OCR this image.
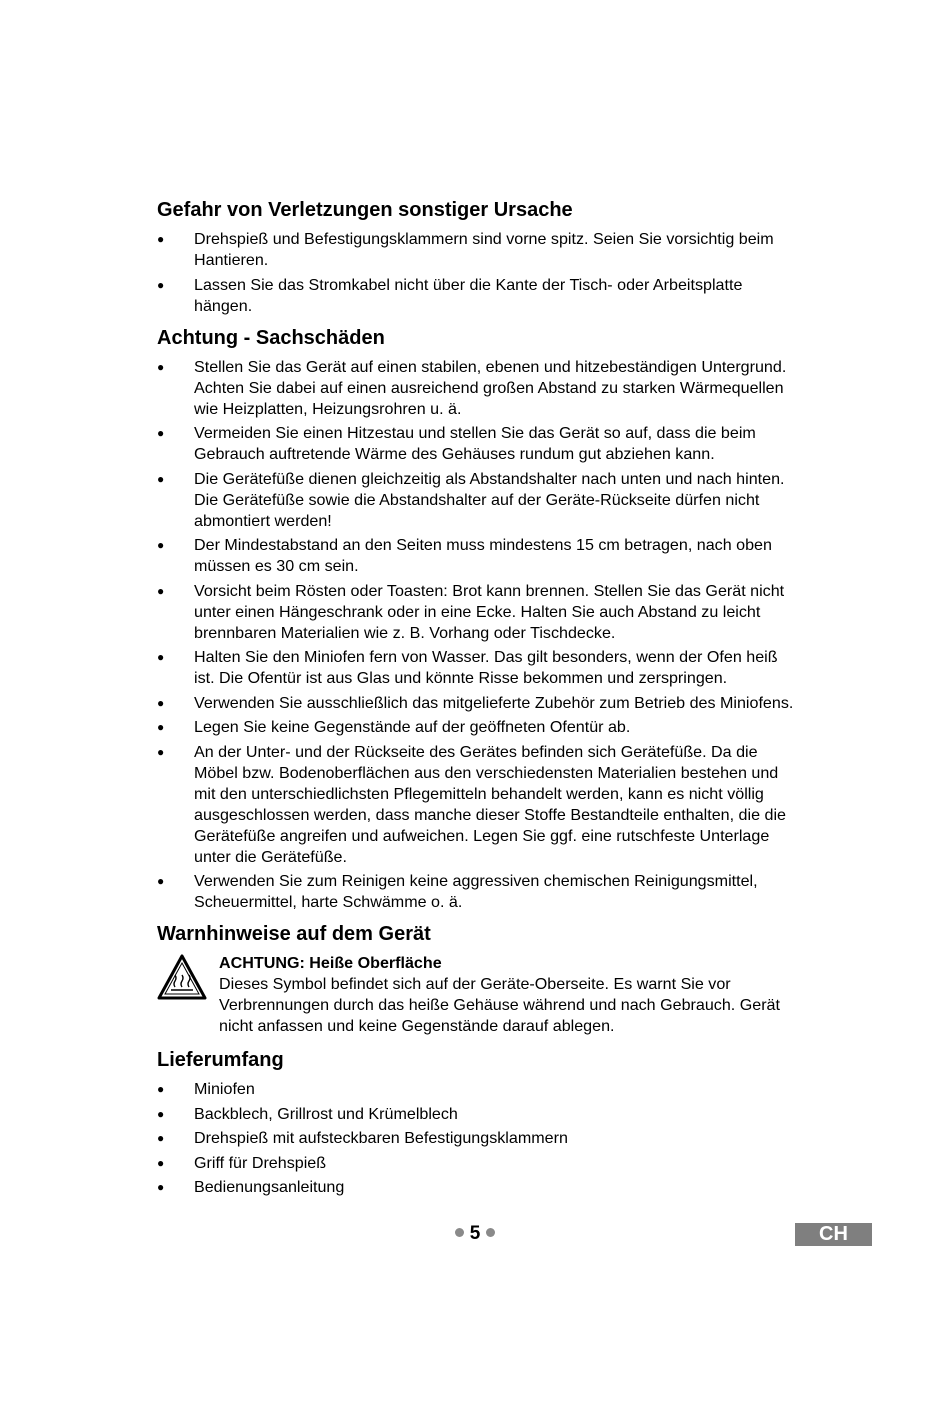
Gefahr von Verletzungen sonstiger Ursache
● Drehspieß und Befestigungsklammern sind vorne spitz. Seien Sie vorsichtig beim Hantieren.
● Lassen Sie das Stromkabel nicht über die Kante der Tisch- oder Arbeitsplatte hängen.
Achtung - Sachschäden
● Stellen Sie das Gerät auf einen stabilen, ebenen und hitzebeständigen Untergrund. Achten Sie dabei auf einen ausreichend großen Abstand zu starken Wärmequellen wie Heizplatten, Heizungsrohren u. ä.
● Vermeiden Sie einen Hitzestau und stellen Sie das Gerät so auf, dass die beim Gebrauch auftretende Wärme des Gehäuses rundum gut abziehen kann.
● Die Gerätefüße dienen gleichzeitig als Abstandshalter nach unten und nach hinten. Die Gerätefüße sowie die Abstandshalter auf der Geräte-Rückseite dürfen nicht abmontiert werden!
● Der Mindestabstand an den Seiten muss mindestens 15 cm betragen, nach oben müssen es 30 cm sein.
● Vorsicht beim Rösten oder Toasten: Brot kann brennen. Stellen Sie das Gerät nicht unter einen Hängeschrank oder in eine Ecke. Halten Sie auch Abstand zu leicht brennbaren Materialien wie z. B. Vorhang oder Tischdecke.
● Halten Sie den Miniofen fern von Wasser. Das gilt besonders, wenn der Ofen heiß ist. Die Ofentür ist aus Glas und könnte Risse bekommen und zerspringen.
● Verwenden Sie ausschließlich das mitgelieferte Zubehör zum Betrieb des Miniofens.
● Legen Sie keine Gegenstände auf der geöffneten Ofentür ab.
● An der Unter- und der Rückseite des Gerätes befinden sich Gerätefüße. Da die Möbel bzw. Bodenoberflächen aus den verschiedensten Materialien bestehen und mit den unterschiedlichsten Pflegemitteln behandelt werden, kann es nicht völlig ausgeschlossen werden, dass manche dieser Stoffe Bestandteile enthalten, die die Gerätefüße angreifen und aufweichen. Legen Sie ggf. eine rutschfeste Unterlage unter die Gerätefüße.
● Verwenden Sie zum Reinigen keine aggressiven chemischen Reinigungsmittel, Scheuermittel, harte Schwämme o. ä.
Warnhinweise auf dem Gerät
ACHTUNG: Heiße Oberfläche
Dieses Symbol befindet sich auf der Geräte-Oberseite. Es warnt Sie vor Verbrennungen durch das heiße Gehäuse während und nach Gebrauch. Gerät nicht anfassen und keine Gegenstände darauf ablegen.
Lieferumfang
● Miniofen
● Backblech, Grillrost und Krümelblech
● Drehspieß mit aufsteckbaren Befestigungsklammern
● Griff für Drehspieß
● Bedienungsanleitung
5	CH
